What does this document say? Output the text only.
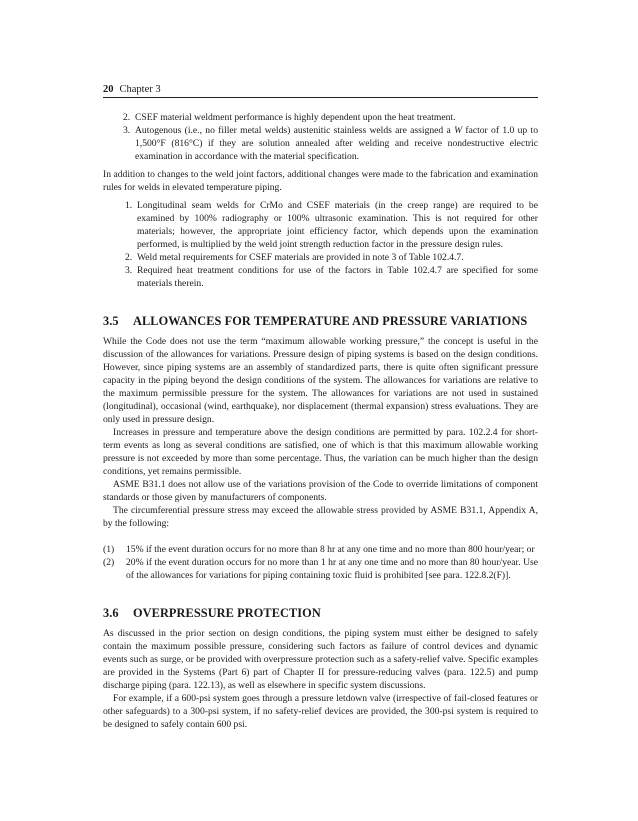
20 Chapter 3
2. CSEF material weldment performance is highly dependent upon the heat treatment.
3. Autogenous (i.e., no filler metal welds) austenitic stainless welds are assigned a W factor of 1.0 up to 1,500°F (816°C) if they are solution annealed after welding and receive nondestructive electric examination in accordance with the material specification.

In addition to changes to the weld joint factors, additional changes were made to the fabrication and examination rules for welds in elevated temperature piping.

1. Longitudinal seam welds for CrMo and CSEF materials (in the creep range) are required to be examined by 100% radiography or 100% ultrasonic examination. This is not required for other materials; however, the appropriate joint efficiency factor, which depends upon the examination performed, is multiplied by the weld joint strength reduction factor in the pressure design rules.
2. Weld metal requirements for CSEF materials are provided in note 3 of Table 102.4.7.
3. Required heat treatment conditions for use of the factors in Table 102.4.7 are specified for some materials therein.
3.5 ALLOWANCES FOR TEMPERATURE AND PRESSURE VARIATIONS

While the Code does not use the term “maximum allowable working pressure,” the concept is useful in the discussion of the allowances for variations. Pressure design of piping systems is based on the design conditions. However, since piping systems are an assembly of standardized parts, there is quite often significant pressure capacity in the piping beyond the design conditions of the system. The allowances for variations are relative to the maximum permissible pressure for the system. The allowances for variations are not used in sustained (longitudinal), occasional (wind, earthquake), nor displacement (thermal expansion) stress evaluations. They are only used in pressure design.

Increases in pressure and temperature above the design conditions are permitted by para. 102.2.4 for short-term events as long as several conditions are satisfied, one of which is that this maximum allowable working pressure is not exceeded by more than some percentage. Thus, the variation can be much higher than the design conditions, yet remains permissible.

ASME B31.1 does not allow use of the variations provision of the Code to override limitations of component standards or those given by manufacturers of components.

The circumferential pressure stress may exceed the allowable stress provided by ASME B31.1, Appendix A, by the following:

(1)	15% if the event duration occurs for no more than 8 hr at any one time and no more than 800 hour/year; or
(2)	20% if the event duration occurs for no more than 1 hr at any one time and no more than 80 hour/year. Use of the allowances for variations for piping containing toxic fluid is prohibited [see para. 122.8.2(F)].
3.6 OVERPRESSURE PROTECTION

As discussed in the prior section on design conditions, the piping system must either be designed to safely contain the maximum possible pressure, considering such factors as failure of control devices and dynamic events such as surge, or be provided with overpressure protection such as a safety-relief valve. Specific examples are provided in the Systems (Part 6) part of Chapter II for pressure-reducing valves (para. 122.5) and pump discharge piping (para. 122.13), as well as elsewhere in specific system discussions.

For example, if a 600-psi system goes through a pressure letdown valve (irrespective of fail-closed features or other safeguards) to a 300-psi system, if no safety-relief devices are provided, the 300-psi system is required to be designed to safely contain 600 psi.
